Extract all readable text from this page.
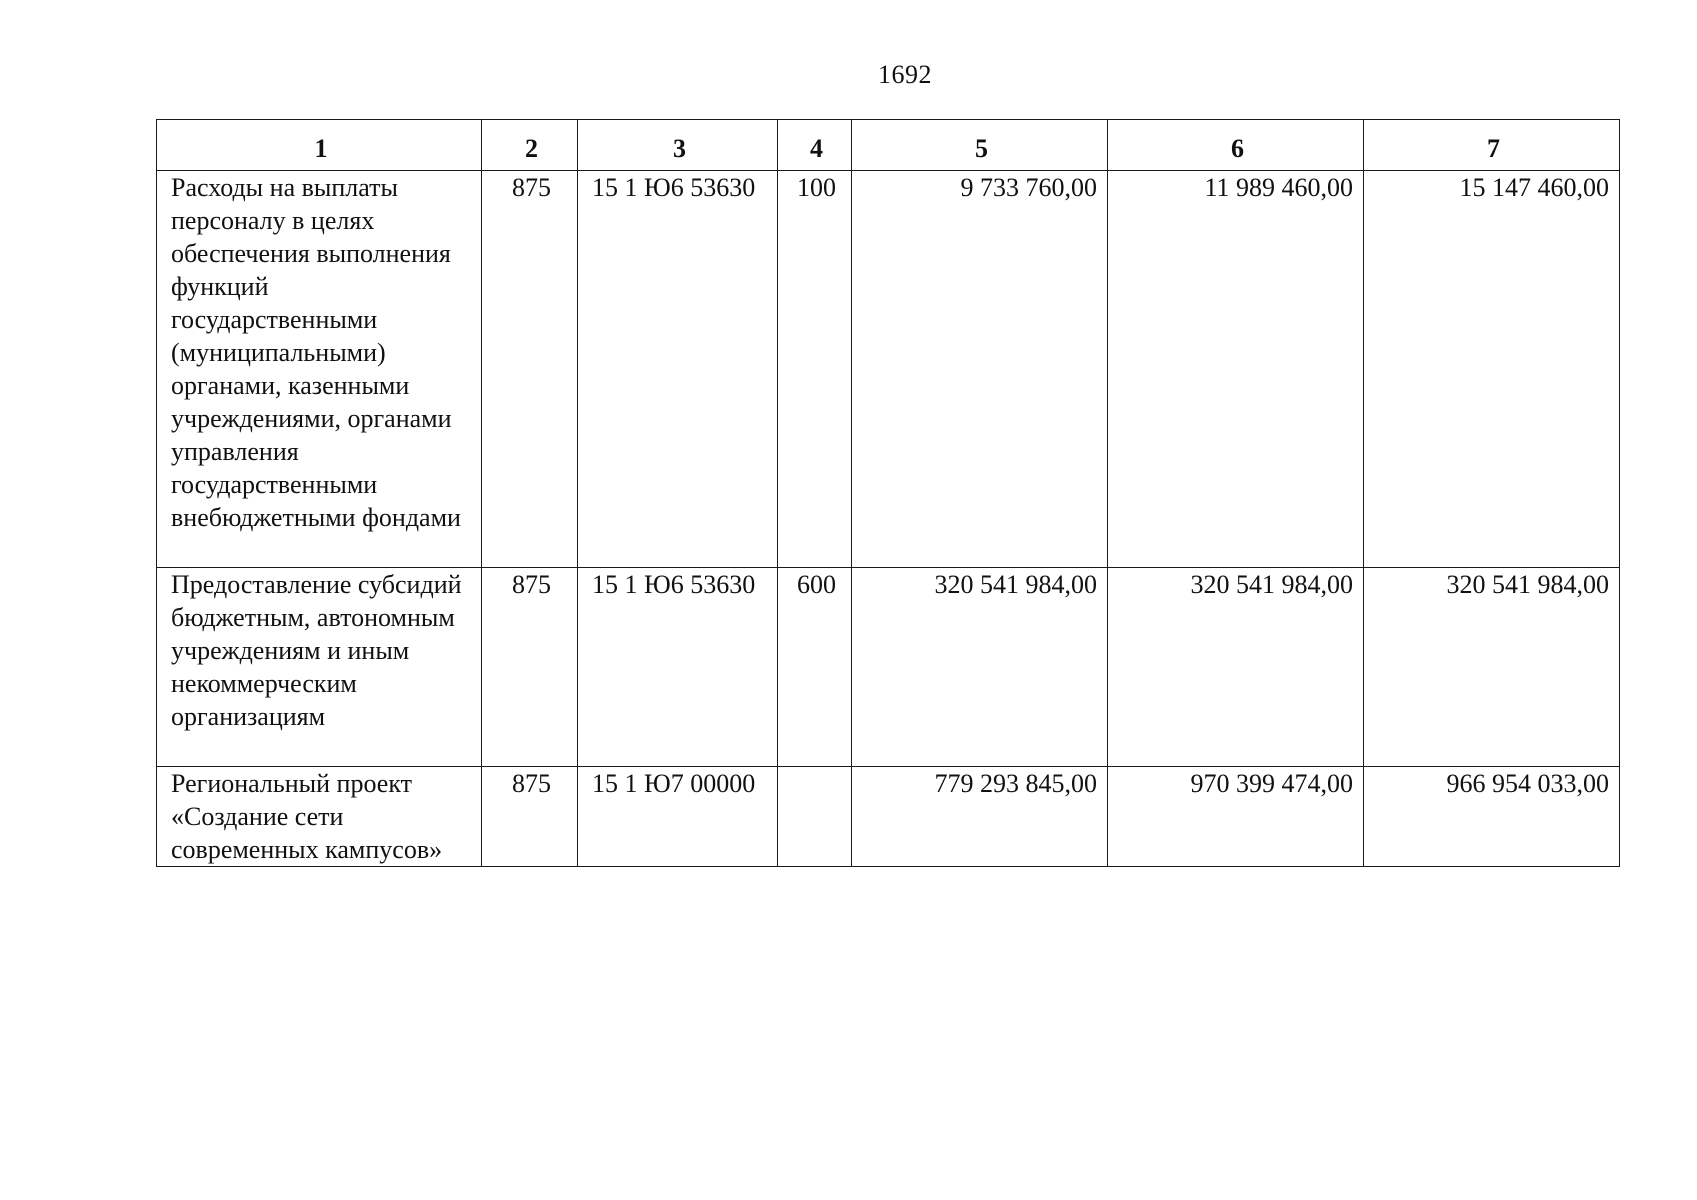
1692
1	2	3	4	5	6	7
Расходы на выплаты персоналу в целях обеспечения выполнения функций государственными (муниципальными) органами, казенными учреждениями, органами управления государственными внебюджетными фондами	875	15 1 Ю6 53630	100	9 733 760,00	11 989 460,00	15 147 460,00
Предоставление субсидий бюджетным, автономным учреждениям и иным некоммерческим организациям	875	15 1 Ю6 53630	600	320 541 984,00	320 541 984,00	320 541 984,00
Региональный проект «Создание сети современных кампусов»	875	15 1 Ю7 00000		779 293 845,00	970 399 474,00	966 954 033,00
